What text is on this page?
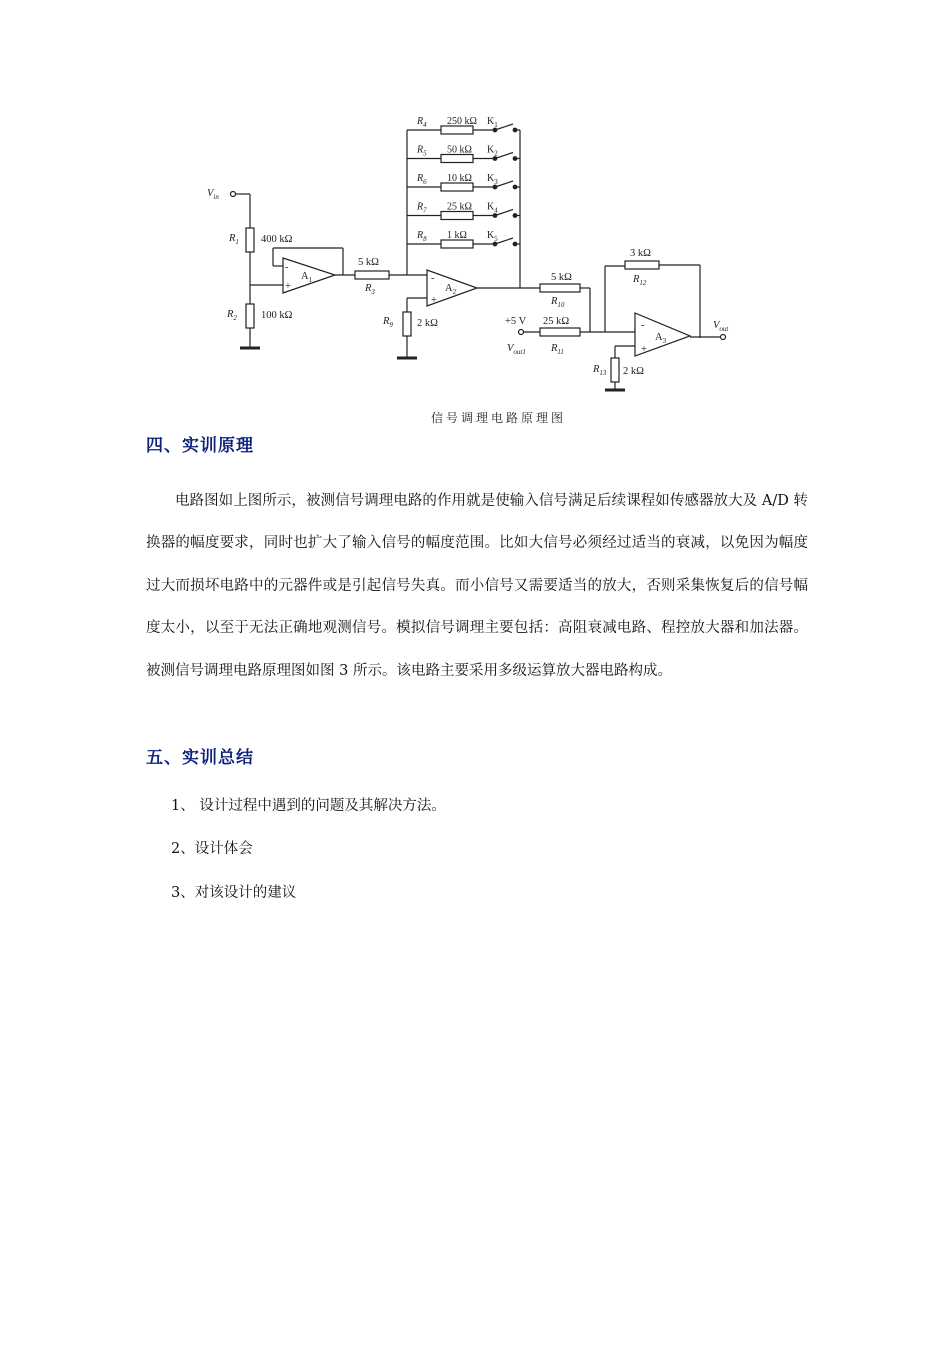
$R_4$ 250 kΩ $K_1$
$R_5$ 50 kΩ $K_2$
$R_6$ 10 kΩ $K_3$
$R_7$ 25 kΩ $K_4$
$R_8$ 1 kΩ $K_5$
$V_{in}$
$R_1$ 400 kΩ
$R_2$ 100 kΩ
-
+
$A_1$
5 kΩ
$R_3$
-
+
$A_2$
$R_9$ 2 kΩ
5 kΩ
$R_{10}$
+5 V 25 kΩ
$V_{out1}$ $R_{11}$
3 kΩ
$R_{12}$
-
+
$A_3$
$V_{out}$
$R_{13}$ 2 kΩ
信号调理电路原理图
四、实训原理

电路图如上图所示，被测信号调理电路的作用就是使输入信号满足后续课程如传感器放大及 A/D 转换器的幅度要求，同时也扩大了输入信号的幅度范围。比如大信号必须经过适当的衰减，以免因为幅度过大而损坏电路中的元器件或是引起信号失真。而小信号又需要适当的放大，否则采集恢复后的信号幅度太小，以至于无法正确地观测信号。模拟信号调理主要包括：高阻衰减电路、程控放大器和加法器。被测信号调理电路原理图如图 3 所示。该电路主要采用多级运算放大器电路构成。

五、实训总结

1、 设计过程中遇到的问题及其解决方法。

2、设计体会

3、对该设计的建议
